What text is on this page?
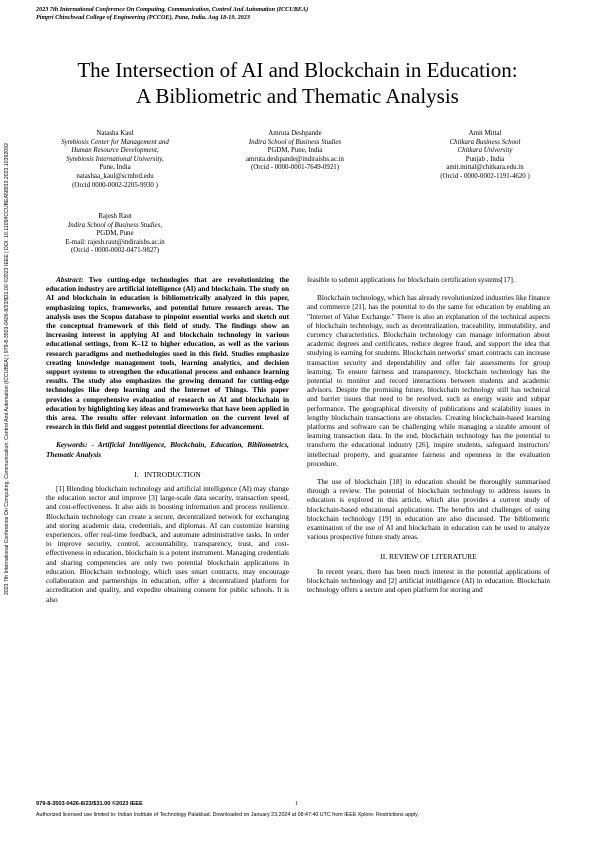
2023 7th International Conference On Computing, Communication, Control And Automation (ICCUBEA)
Pimpri Chinchwad College of Engineering (PCCOE), Pune, India. Aug 18-19, 2023
2023 7th International Conference On Computing, Communication, Control And Automation (ICCUBEA) | 979-8-3503-0426-8/23/$31.00 ©2023 IEEE | DOI: 10.1109/ICCUBEA58933.2023.10392092
The Intersection of AI and Blockchain in Education:
A Bibliometric and Thematic Analysis
Natasha Kaul
Symbiosis Center for Management and
Human Resource Development,
Symbiosis International University,
Pune, India
natashaa_kaul@scmhrd.edu
(Orcid 0000-0002-2205-9930 )
Amruta Deshpande
Indira School of Business Studies
PGDM, Pune, India
amruta.deshpande@indiraisbs.ac.in
(Orcid - 0000-0001-7649-0921)
Amit Mittal
Chitkara Business School
Chitkara University
Punjab , India
amit.mittal@chitkara.edu.in
(Orcid - 0000-0002-1191-4620 )
Rajesh Raut
Indira School of Business Studies,
PGDM, Pune
E-mail: rajesh.raut@indiraisbs.ac.in
(Orcid - 0000-0002-0471-9827)

Abstract: Two cutting-edge technologies that are revolutionizing the education industry are artificial intelligence (AI) and blockchain. The study on AI and blockchain in education is bibliometrically analyzed in this paper, emphasizing topics, frameworks, and potential future research areas. The analysis uses the Scopus database to pinpoint essential works and sketch out the conceptual framework of this field of study. The findings show an increasing interest in applying AI and blockchain technology in various educational settings, from K–12 to higher education, as well as the various research paradigms and methodologies used in this field. Studies emphasize creating knowledge management tools, learning analytics, and decision support systems to strengthen the educational process and enhance learning results. The study also emphasizes the growing demand for cutting-edge technologies like deep learning and the Internet of Things. This paper provides a comprehensive evaluation of research on AI and blockchain in education by highlighting key ideas and frameworks that have been applied in this area. The results offer relevant information on the current level of research in this field and suggest potential directions for advancement.

Keywords: - Artificial Intelligence, Blockchain, Education, Bibliometrics, Thematic Analysis

I. INTRODUCTION

[1] Blending blockchain technology and artificial intelligence (AI) may change the education sector and improve [3] large-scale data security, transaction speed, and cost-effectiveness. It also aids in boosting information and process resilience. Blockchain technology can create a secure, decentralized network for exchanging and storing academic data, credentials, and diplomas. AI can customize learning experiences, offer real-time feedback, and automate administrative tasks. In order to improve security, control, accountability, transparency, trust, and cost-effectiveness in education, blockchain is a potent instrument. Managing credentials and sharing competencies are only two potential blockchain applications in education. Blockchain technology, which uses smart contracts, may encourage collaboration and partnerships in education, offer a decentralized platform for accreditation and quality, and expedite obtaining consent for public schools. It is also

feasible to submit applications for blockchain certification systems[17].

Blockchain technology, which has already revolutionized industries like finance and commerce [21], has the potential to do the same for education by enabling an "Internet of Value Exchange." There is also an explanation of the technical aspects of blockchain technology, such as decentralization, traceability, immutability, and currency characteristics. Blockchain technology can manage information about academic degrees and certificates, reduce degree fraud, and support the idea that studying is earning for students. Blockchain networks' smart contracts can increase transaction security and dependability and offer fair assessments for group learning. To ensure fairness and transparency, blockchain technology has the potential to monitor and record interactions between students and academic advisors. Despite the promising future, blockchain technology still has technical and barrier issues that need to be resolved, such as energy waste and subpar performance. The geographical diversity of publications and scalability issues in lengthy blockchain transactions are obstacles. Creating blockchain-based learning platforms and software can be challenging while managing a sizable amount of learning transaction data. In the end, blockchain technology has the potential to transform the educational industry [26], inspire students, safeguard instructors' intellectual property, and guarantee fairness and openness in the evaluation procedure.

The use of blockchain [18] in education should be thoroughly summarised through a review. The potential of blockchain technology to address issues in education is explored in this article, which also provides a current study of blockchain-based educational applications. The benefits and challenges of using blockchain technology [19] in education are also discussed. The bibliometric examination of the use of AI and blockchain in education can be used to analyze various prospective future study areas.

II. REVIEW OF LITERATURE

In recent years, there has been much interest in the potential applications of blockchain technology and [2] artificial intelligence (AI) in education. Blockchain technology offers a secure and open platform for storing and

979-8-3503-0426-8/23/$31.00 ©2023 IEEE	1
Authorized licensed use limited to: Indian Institute of Technology Palakkad. Downloaded on January 23,2024 at 08:47:40 UTC from IEEE Xplore. Restrictions apply.
